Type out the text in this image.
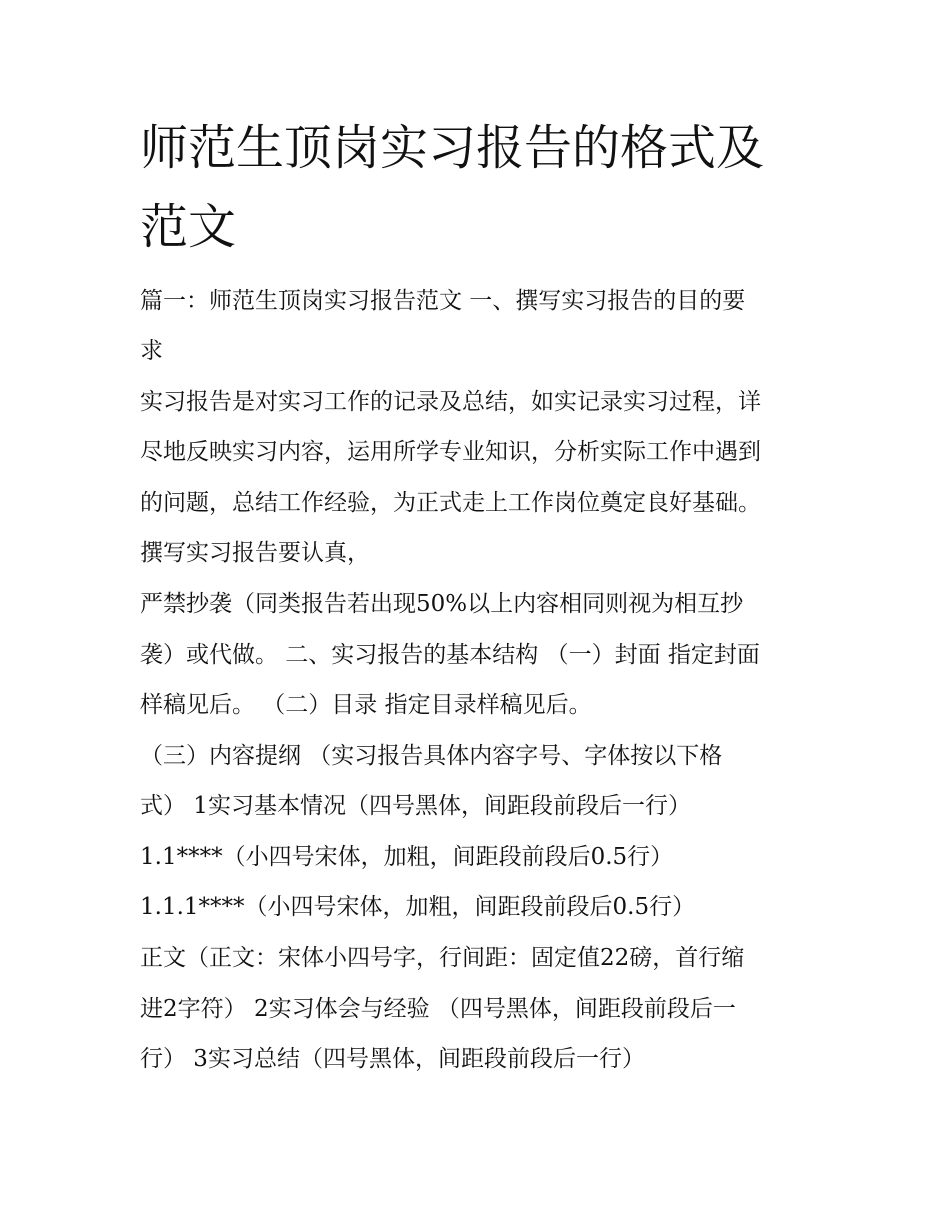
师范生顶岗实习报告的格式及
范文

篇一：师范生顶岗实习报告范文 一、撰写实习报告的目的要

求

实习报告是对实习工作的记录及总结，如实记录实习过程，详

尽地反映实习内容，运用所学专业知识，分析实际工作中遇到

的问题，总结工作经验，为正式走上工作岗位奠定良好基础。

撰写实习报告要认真，

严禁抄袭（同类报告若出现50%以上内容相同则视为相互抄

袭）或代做。 二、实习报告的基本结构 （一）封面 指定封面

样稿见后。 （二）目录 指定目录样稿见后。

（三）内容提纲 （实习报告具体内容字号、字体按以下格

式） 1实习基本情况（四号黑体，间距段前段后一行）

1.1****（小四号宋体，加粗，间距段前段后0.5行）

1.1.1****（小四号宋体，加粗，间距段前段后0.5行）

正文（正文：宋体小四号字，行间距：固定值22磅，首行缩

进2字符） 2实习体会与经验 （四号黑体，间距段前段后一

行） 3实习总结（四号黑体，间距段前段后一行）
